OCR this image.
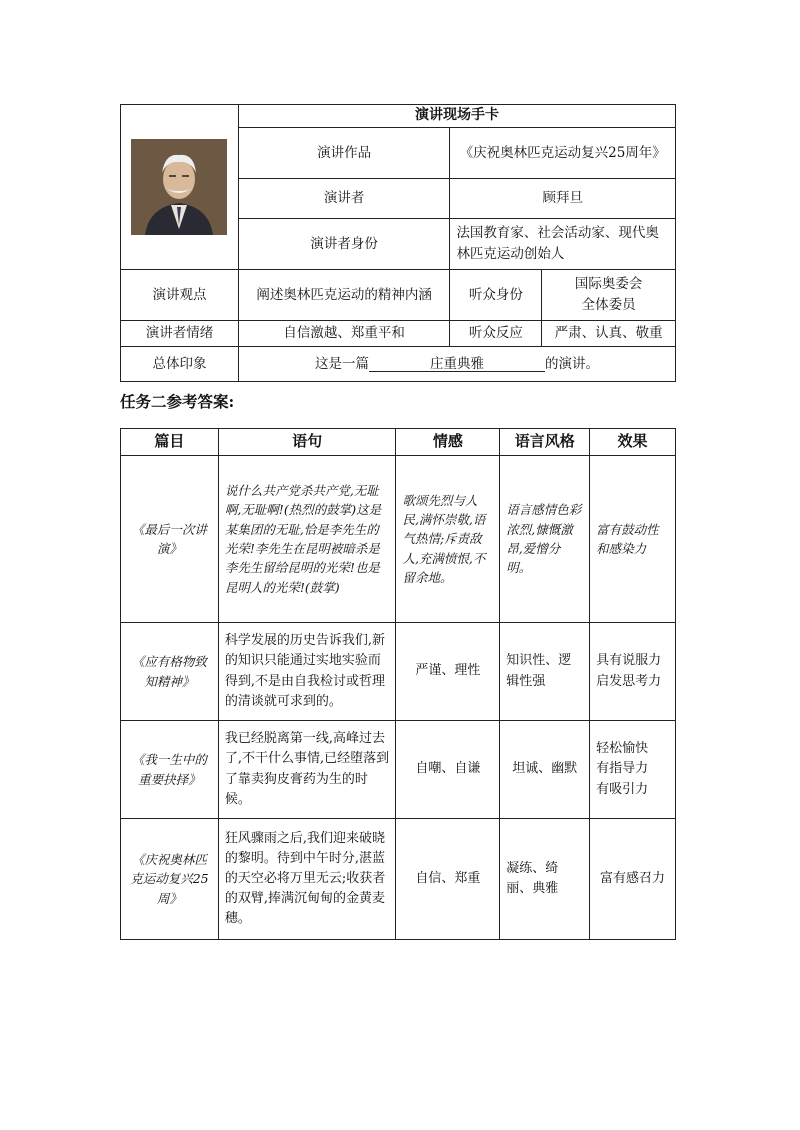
	演讲现场手卡		
	演讲作品	《庆祝奥林匹克运动复兴25周年》	
	演讲者	顾拜旦	
	演讲者身份	法国教育家、社会活动家、现代奥林匹克运动创始人	
演讲观点	阐述奥林匹克运动的精神内涵	听众身份	国际奥委会
全体委员
演讲者情绪	自信激越、郑重平和	听众反应	严肃、认真、敬重
总体印象	这是一篇 庄重典雅 的演讲。		
任务二参考答案:
篇目	语句	情感	语言风格	效果
《最后一次讲演》	说什么共产党杀共产党,无耻啊,无耻啊!(热烈的鼓掌)这是某集团的无耻,恰是李先生的光荣!李先生在昆明被暗杀是李先生留给昆明的光荣!也是昆明人的光荣!(鼓掌)	歌颂先烈与人民,满怀崇敬,语气热情;斥责敌人,充满愤恨,不留余地。	语言感情色彩浓烈,慷慨激昂,爱憎分明。	富有鼓动性和感染力
《应有格物致知精神》	科学发展的历史告诉我们,新的知识只能通过实地实验而得到,不是由自我检讨或哲理的清谈就可求到的。	严谨、理性	知识性、逻辑性强	具有说服力启发思考力
《我一生中的重要抉择》	我已经脱离第一线,高峰过去了,不干什么事情,已经堕落到了靠卖狗皮膏药为生的时候。	自嘲、自谦	坦诚、幽默	轻松愉快
有指导力
有吸引力
《庆祝奥林匹克运动复兴25周》	狂风骤雨之后,我们迎来破晓的黎明。待到中午时分,湛蓝的天空必将万里无云;收获者的双臂,捧满沉甸甸的金黄麦穗。	自信、郑重	凝练、绮丽、典雅	富有感召力
